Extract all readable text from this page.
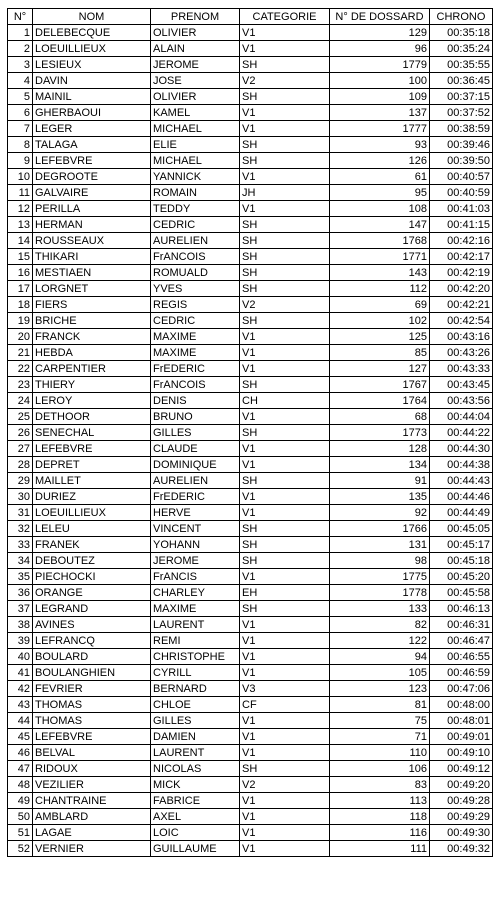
N°	NOM	PRENOM	CATEGORIE	N° DE DOSSARD	CHRONO
1	DELEBECQUE	OLIVIER	V1	129	00:35:18
2	LOEUILLIEUX	ALAIN	V1	96	00:35:24
3	LESIEUX	JEROME	SH	1779	00:35:55
4	DAVIN	JOSE	V2	100	00:36:45
5	MAINIL	OLIVIER	SH	109	00:37:15
6	GHERBAOUI	KAMEL	V1	137	00:37:52
7	LEGER	MICHAEL	V1	1777	00:38:59
8	TALAGA	ELIE	SH	93	00:39:46
9	LEFEBVRE	MICHAEL	SH	126	00:39:50
10	DEGROOTE	YANNICK	V1	61	00:40:57
11	GALVAIRE	ROMAIN	JH	95	00:40:59
12	PERILLA	TEDDY	V1	108	00:41:03
13	HERMAN	CEDRIC	SH	147	00:41:15
14	ROUSSEAUX	AURELIEN	SH	1768	00:42:16
15	THIKARI	FrANCOIS	SH	1771	00:42:17
16	MESTIAEN	ROMUALD	SH	143	00:42:19
17	LORGNET	YVES	SH	112	00:42:20
18	FIERS	REGIS	V2	69	00:42:21
19	BRICHE	CEDRIC	SH	102	00:42:54
20	FRANCK	MAXIME	V1	125	00:43:16
21	HEBDA	MAXIME	V1	85	00:43:26
22	CARPENTIER	FrEDERIC	V1	127	00:43:33
23	THIERY	FrANCOIS	SH	1767	00:43:45
24	LEROY	DENIS	CH	1764	00:43:56
25	DETHOOR	BRUNO	V1	68	00:44:04
26	SENECHAL	GILLES	SH	1773	00:44:22
27	LEFEBVRE	CLAUDE	V1	128	00:44:30
28	DEPRET	DOMINIQUE	V1	134	00:44:38
29	MAILLET	AURELIEN	SH	91	00:44:43
30	DURIEZ	FrEDERIC	V1	135	00:44:46
31	LOEUILLIEUX	HERVE	V1	92	00:44:49
32	LELEU	VINCENT	SH	1766	00:45:05
33	FRANEK	YOHANN	SH	131	00:45:17
34	DEBOUTEZ	JEROME	SH	98	00:45:18
35	PIECHOCKI	FrANCIS	V1	1775	00:45:20
36	ORANGE	CHARLEY	EH	1778	00:45:58
37	LEGRAND	MAXIME	SH	133	00:46:13
38	AVINES	LAURENT	V1	82	00:46:31
39	LEFRANCQ	REMI	V1	122	00:46:47
40	BOULARD	CHRISTOPHE	V1	94	00:46:55
41	BOULANGHIEN	CYRILL	V1	105	00:46:59
42	FEVRIER	BERNARD	V3	123	00:47:06
43	THOMAS	CHLOE	CF	81	00:48:00
44	THOMAS	GILLES	V1	75	00:48:01
45	LEFEBVRE	DAMIEN	V1	71	00:49:01
46	BELVAL	LAURENT	V1	110	00:49:10
47	RIDOUX	NICOLAS	SH	106	00:49:12
48	VEZILIER	MICK	V2	83	00:49:20
49	CHANTRAINE	FABRICE	V1	113	00:49:28
50	AMBLARD	AXEL	V1	118	00:49:29
51	LAGAE	LOIC	V1	116	00:49:30
52	VERNIER	GUILLAUME	V1	111	00:49:32
